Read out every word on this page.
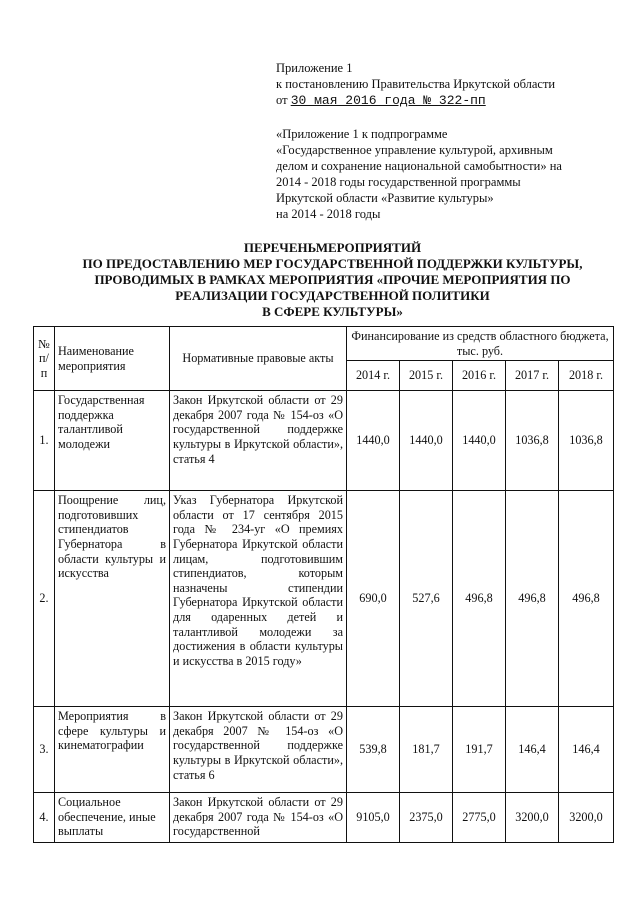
Приложение 1
к постановлению Правительства Иркутской области
от 30 мая 2016 года № 322-пп
«Приложение 1 к подпрограмме
«Государственное управление культурой, архивным
делом и сохранение национальной самобытности» на
2014 - 2018 годы государственной программы
Иркутской области «Развитие культуры»
на 2014 - 2018 годы
ПЕРЕЧЕНЬМЕРОПРИЯТИЙ
ПО ПРЕДОСТАВЛЕНИЮ МЕР ГОСУДАРСТВЕННОЙ ПОДДЕРЖКИ КУЛЬТУРЫ,
ПРОВОДИМЫХ В РАМКАХ МЕРОПРИЯТИЯ «ПРОЧИЕ МЕРОПРИЯТИЯ ПО
РЕАЛИЗАЦИИ ГОСУДАРСТВЕННОЙ ПОЛИТИКИ
В СФЕРЕ КУЛЬТУРЫ»
№ п/п	Наименование мероприятия	Нормативные правовые акты	Финансирование из средств областного бюджета, тыс. руб.				
			2014 г.	2015 г.	2016 г.	2017 г.	2018 г.
1.	Государственная поддержка талантливой молодежи	Закон Иркутской области от 29 декабря 2007 года № 154-оз «О государственной поддержке культуры в Иркутской области», статья 4	1440,0	1440,0	1440,0	1036,8	1036,8
2.	Поощрение лиц, подготовивших стипендиатов Губернатора в области культуры и искусства	Указ Губернатора Иркутской области от 17 сентября 2015 года № 234-уг «О премиях Губернатора Иркутской области лицам, подготовившим стипендиатов, которым назначены стипендии Губернатора Иркутской области для одаренных детей и талантливой молодежи за достижения в области культуры и искусства в 2015 году»	690,0	527,6	496,8	496,8	496,8
3.	Мероприятия в сфере культуры и кинематографии	Закон Иркутской области от 29 декабря 2007 № 154-оз «О государственной поддержке культуры в Иркутской области», статья 6	539,8	181,7	191,7	146,4	146,4
4.	Социальное обеспечение, иные выплаты	Закон Иркутской области от 29 декабря 2007 года № 154-оз «О государственной	9105,0	2375,0	2775,0	3200,0	3200,0
